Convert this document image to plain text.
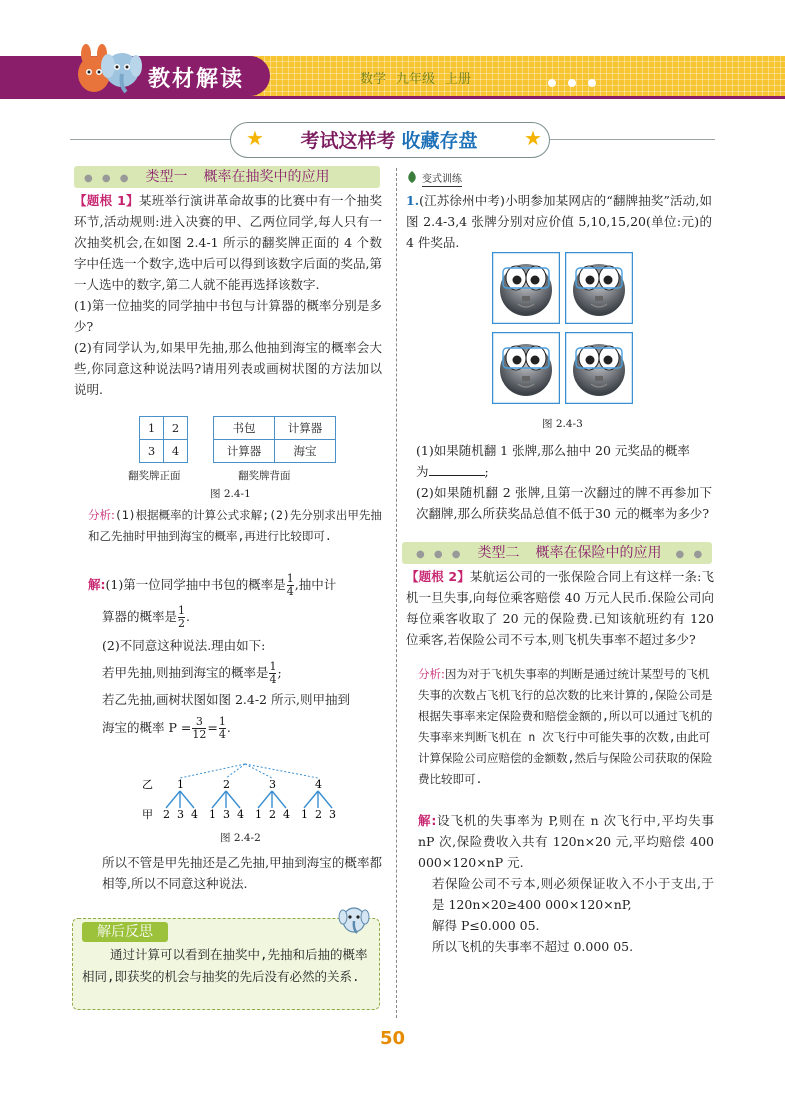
教材解读	数学 九年级 上册
★	★
考试这样考 收藏存盘
● ● ● 类型一 概率在抽奖中的应用

【题根 1】某班举行演讲革命故事的比赛中有一个抽奖环节,活动规则:进入决赛的甲、乙两位同学,每人只有一次抽奖机会,在如图 2.4-1 所示的翻奖牌正面的 4 个数字中任选一个数字,选中后可以得到该数字后面的奖品,第一人选中的数字,第二人就不能再选择该数字.

(1)第一位抽奖的同学抽中书包与计算器的概率分别是多少?

(2)有同学认为,如果甲先抽,那么他抽到海宝的概率会大些,你同意这种说法吗?请用列表或画树状图的方法加以说明.

1	2
3	4
书包	计算器
计算器	海宝
翻奖牌正面	翻奖牌背面
图 2.4-1

分析:(1)根据概率的计算公式求解;(2)先分别求出甲先抽和乙先抽时甲抽到海宝的概率,再进行比较即可.

解:(1)第一位同学抽中书包的概率是 $\frac{1}{4}$ ,抽中计

算器的概率是 $\frac{1}{2}$ .

(2)不同意这种说法.理由如下:

若甲先抽,则抽到海宝的概率是 $\frac{1}{4}$ ;

若乙先抽,画树状图如图 2.4-2 所示,则甲抽到

海宝的概率 $P = \frac{3}{12} = \frac{1}{4}$ .

乙
甲
1
2 3 4
2
1 3 4
3
1 2 4
4
1 2 3
图 2.4-2
所以不管是甲先抽还是乙先抽,甲抽到海宝的概率都相等,所以不同意这种说法.
解后反思
通过计算可以看到在抽奖中,先抽和后抽的概率相同,即获奖的机会与抽奖的先后没有必然的关系.
变式训练

1.(江苏徐州中考)小明参加某网店的“翻牌抽奖”活动,如图 2.4-3,4 张牌分别对应价值 5,10,15,20(单位:元)的 4 件奖品.

图 2.4-3

(1)如果随机翻 1 张牌,那么抽中 20 元奖品的概率

为	;

(2)如果随机翻 2 张牌,且第一次翻过的牌不再参加下次翻牌,那么所获奖品总值不低于30 元的概率为多少?

● ● ● 类型二 概率在保险中的应用 ● ●

【题根 2】某航运公司的一张保险合同上有这样一条:飞机一旦失事,向每位乘客赔偿 40 万元人民币.保险公司向每位乘客收取了 20 元的保险费.已知该航班约有 120 位乘客,若保险公司不亏本,则飞机失事率不超过多少?

分析:因为对于飞机失事率的判断是通过统计某型号的飞机失事的次数占飞机飞行的总次数的比来计算的,保险公司是根据失事率来定保险费和赔偿金额的,所以可以通过飞机的失事率来判断飞机在 n 次飞行中可能失事的次数,由此可计算保险公司应赔偿的金额数,然后与保险公司获取的保险费比较即可.

解:设飞机的失事率为 P,则在 n 次飞行中,平均失事 nP 次,保险费收入共有 120n×20 元,平均赔偿 400 000×120×nP 元.

若保险公司不亏本,则必须保证收入不小于支出,于是 120n×20≥400 000×120×nP,

解得 P≤0.000 05.

所以飞机的失事率不超过 0.000 05.

50
